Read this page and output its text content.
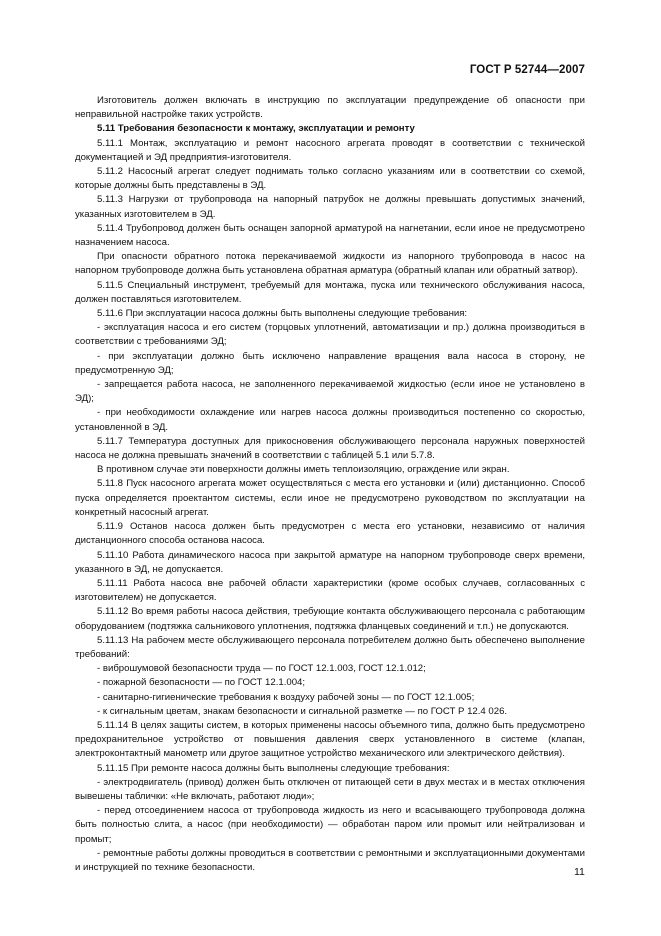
ГОСТ Р 52744—2007

Изготовитель должен включать в инструкцию по эксплуатации предупреждение об опасности при неправильной настройке таких устройств.

5.11 Требования безопасности к монтажу, эксплуатации и ремонту

5.11.1 Монтаж, эксплуатацию и ремонт насосного агрегата проводят в соответствии с технической документацией и ЭД предприятия-изготовителя.

5.11.2 Насосный агрегат следует поднимать только согласно указаниям или в соответствии со схемой, которые должны быть представлены в ЭД.

5.11.3 Нагрузки от трубопровода на напорный патрубок не должны превышать допустимых значений, указанных изготовителем в ЭД.

5.11.4 Трубопровод должен быть оснащен запорной арматурой на нагнетании, если иное не предусмотрено назначением насоса.

При опасности обратного потока перекачиваемой жидкости из напорного трубопровода в насос на напорном трубопроводе должна быть установлена обратная арматура (обратный клапан или обратный затвор).

5.11.5 Специальный инструмент, требуемый для монтажа, пуска или технического обслуживания насоса, должен поставляться изготовителем.

5.11.6 При эксплуатации насоса должны быть выполнены следующие требования:

- эксплуатация насоса и его систем (торцовых уплотнений, автоматизации и пр.) должна производиться в соответствии с требованиями ЭД;

- при эксплуатации должно быть исключено направление вращения вала насоса в сторону, не предусмотренную ЭД;

- запрещается работа насоса, не заполненного перекачиваемой жидкостью (если иное не установлено в ЭД);

- при необходимости охлаждение или нагрев насоса должны производиться постепенно со скоростью, установленной в ЭД.

5.11.7 Температура доступных для прикосновения обслуживающего персонала наружных поверхностей насоса не должна превышать значений в соответствии с таблицей 5.1 или 5.7.8.

В противном случае эти поверхности должны иметь теплоизоляцию, ограждение или экран.

5.11.8 Пуск насосного агрегата может осуществляться с места его установки и (или) дистанционно. Способ пуска определяется проектантом системы, если иное не предусмотрено руководством по эксплуатации на конкретный насосный агрегат.

5.11.9 Останов насоса должен быть предусмотрен с места его установки, независимо от наличия дистанционного способа останова насоса.

5.11.10 Работа динамического насоса при закрытой арматуре на напорном трубопроводе сверх времени, указанного в ЭД, не допускается.

5.11.11 Работа насоса вне рабочей области характеристики (кроме особых случаев, согласованных с изготовителем) не допускается.

5.11.12 Во время работы насоса действия, требующие контакта обслуживающего персонала с работающим оборудованием (подтяжка сальникового уплотнения, подтяжка фланцевых соединений и т.п.) не допускаются.

5.11.13 На рабочем месте обслуживающего персонала потребителем должно быть обеспечено выполнение требований:

- виброшумовой безопасности труда — по ГОСТ 12.1.003, ГОСТ 12.1.012;

- пожарной безопасности — по ГОСТ 12.1.004;

- санитарно-гигиенические требования к воздуху рабочей зоны — по ГОСТ 12.1.005;

- к сигнальным цветам, знакам безопасности и сигнальной разметке — по ГОСТ Р 12.4 026.

5.11.14 В целях защиты систем, в которых применены насосы объемного типа, должно быть предусмотрено предохранительное устройство от повышения давления сверх установленного в системе (клапан, электроконтактный манометр или другое защитное устройство механического или электрического действия).

5.11.15 При ремонте насоса должны быть выполнены следующие требования:

- электродвигатель (привод) должен быть отключен от питающей сети в двух местах и в местах отключения вывешены таблички: «Не включать, работают люди»;

- перед отсоединением насоса от трубопровода жидкость из него и всасывающего трубопровода должна быть полностью слита, а насос (при необходимости) — обработан паром или промыт или нейтрализован и промыт;

- ремонтные работы должны проводиться в соответствии с ремонтными и эксплуатационными документами и инструкцией по технике безопасности.	11
